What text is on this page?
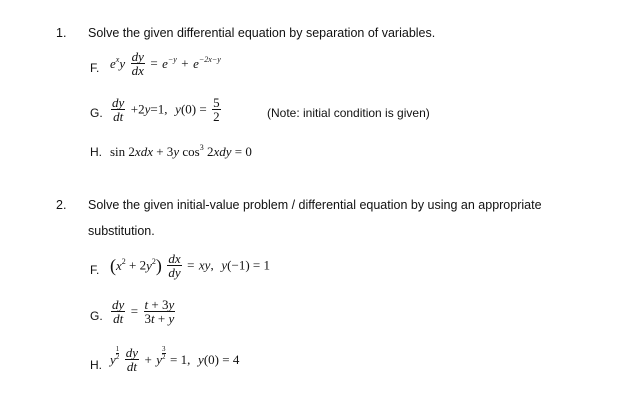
1. Solve the given differential equation by separation of variables.
F. $e^xy \frac{dy}{dx} = e^{-y} + e^{-2x-y}$
G. $\frac{dy}{dt} +2y=1$,  $y(0) = \frac{5}{2}$	(Note: initial condition is given)
H. sin 2xdx + 3y $\cos^3 2xdy = 0$
2. Solve the given initial-value problem / differential equation by using an appropriate
substitution.
F. $(x^2 + 2y^2) \frac{dx}{dy}$ = xy,  y(−1) = 1
G. $\frac{dy}{dt} = \frac{t + 3y}{3t + y}$
H. y $\frac{1}{2}$
$\frac{dy}{dt} + y \frac{3}{2} = 1$,  y(0) = 4
